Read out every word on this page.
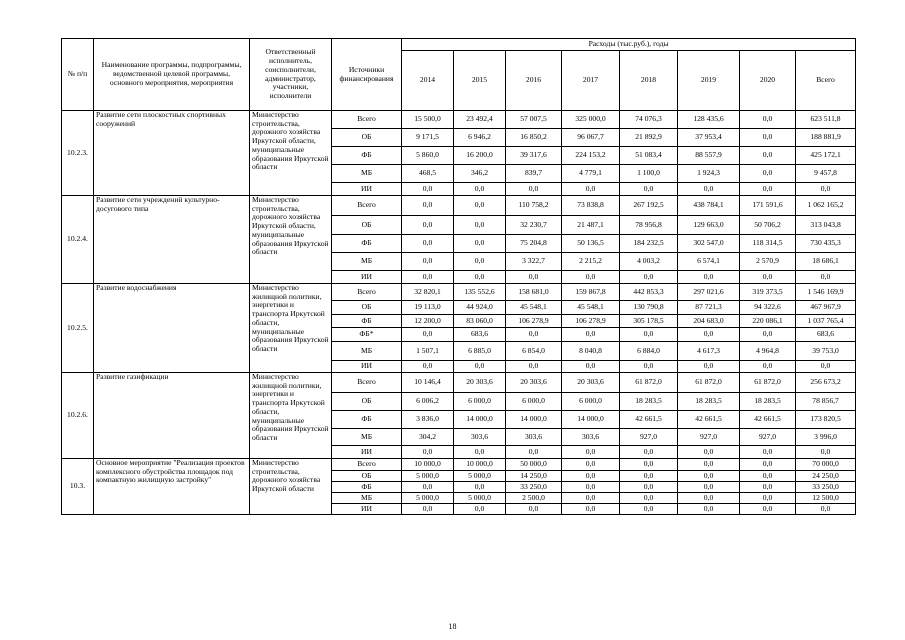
№ п/п	Наименование программы, подпрограммы, ведомственной целевой программы, основного мероприятия, мероприятия	Ответственный исполнитель, соисполнители, администратор, участники, исполнители	Источники финансирования	Расходы (тыс.руб.), годы							
				2014	2015	2016	2017	2018	2019	2020	Всего
10.2.3.	Развитие сети плоскостных спортивных сооружений	Министерство строительства, дорожного хозяйства Иркутской области, муниципальные образования Иркутской области	Всего	15 500,0	23 492,4	57 007,5	325 000,0	74 076,3	128 435,6	0,0	623 511,8
			ОБ	9 171,5	6 946,2	16 850,2	96 067,7	21 892,9	37 953,4	0,0	188 881,9
			ФБ	5 860,0	16 200,0	39 317,6	224 153,2	51 083,4	88 557,9	0,0	425 172,1
			МБ	468,5	346,2	839,7	4 779,1	1 100,0	1 924,3	0,0	9 457,8
			ИИ	0,0	0,0	0,0	0,0	0,0	0,0	0,0	0,0
10.2.4.	Развитие сети учреждений культурно-досугового типа	Министерство строительства, дорожного хозяйства Иркутской области, муниципальные образования Иркутской области	Всего	0,0	0,0	110 758,2	73 838,8	267 192,5	438 784,1	171 591,6	1 062 165,2
			ОБ	0,0	0,0	32 230,7	21 487,1	78 956,8	129 663,0	50 706,2	313 043,8
			ФБ	0,0	0,0	75 204,8	50 136,5	184 232,5	302 547,0	118 314,5	730 435,3
			МБ	0,0	0,0	3 322,7	2 215,2	4 003,2	6 574,1	2 570,9	18 686,1
			ИИ	0,0	0,0	0,0	0,0	0,0	0,0	0,0	0,0
10.2.5.	Развитие водоснабжения	Министерство жилищной политики, энергетики и транспорта Иркутской области, муниципальные образования Иркутской области	Всего	32 820,1	135 552,6	158 681,0	159 867,8	442 853,3	297 021,6	319 373,5	1 546 169,9
			ОБ	19 113,0	44 924,0	45 548,1	45 548,1	130 790,8	87 721,3	94 322,6	467 967,9
			ФБ	12 200,0	83 060,0	106 278,9	106 278,9	305 178,5	204 683,0	220 086,1	1 037 765,4
			ФБ*	0,0	683,6	0,0	0,0	0,0	0,0	0,0	683,6
			МБ	1 507,1	6 885,0	6 854,0	8 040,8	6 884,0	4 617,3	4 964,8	39 753,0
			ИИ	0,0	0,0	0,0	0,0	0,0	0,0	0,0	0,0
10.2.6.	Развитие газификации	Министерство жилищной политики, энергетики и транспорта Иркутской области, муниципальные образования Иркутской области	Всего	10 146,4	20 303,6	20 303,6	20 303,6	61 872,0	61 872,0	61 872,0	256 673,2
			ОБ	6 006,2	6 000,0	6 000,0	6 000,0	18 283,5	18 283,5	18 283,5	78 856,7
			ФБ	3 836,0	14 000,0	14 000,0	14 000,0	42 661,5	42 661,5	42 661,5	173 820,5
			МБ	304,2	303,6	303,6	303,6	927,0	927,0	927,0	3 996,0
			ИИ	0,0	0,0	0,0	0,0	0,0	0,0	0,0	0,0
10.3.	Основное мероприятие "Реализация проектов комплексного обустройства площадок под компактную жилищную застройку"	Министерство строительства, дорожного хозяйства Иркутской области	Всего	10 000,0	10 000,0	50 000,0	0,0	0,0	0,0	0,0	70 000,0
			ОБ	5 000,0	5 000,0	14 250,0	0,0	0,0	0,0	0,0	24 250,0
			ФБ	0,0	0,0	33 250,0	0,0	0,0	0,0	0,0	33 250,0
			МБ	5 000,0	5 000,0	2 500,0	0,0	0,0	0,0	0,0	12 500,0
			ИИ	0,0	0,0	0,0	0,0	0,0	0,0	0,0	0,0
18
